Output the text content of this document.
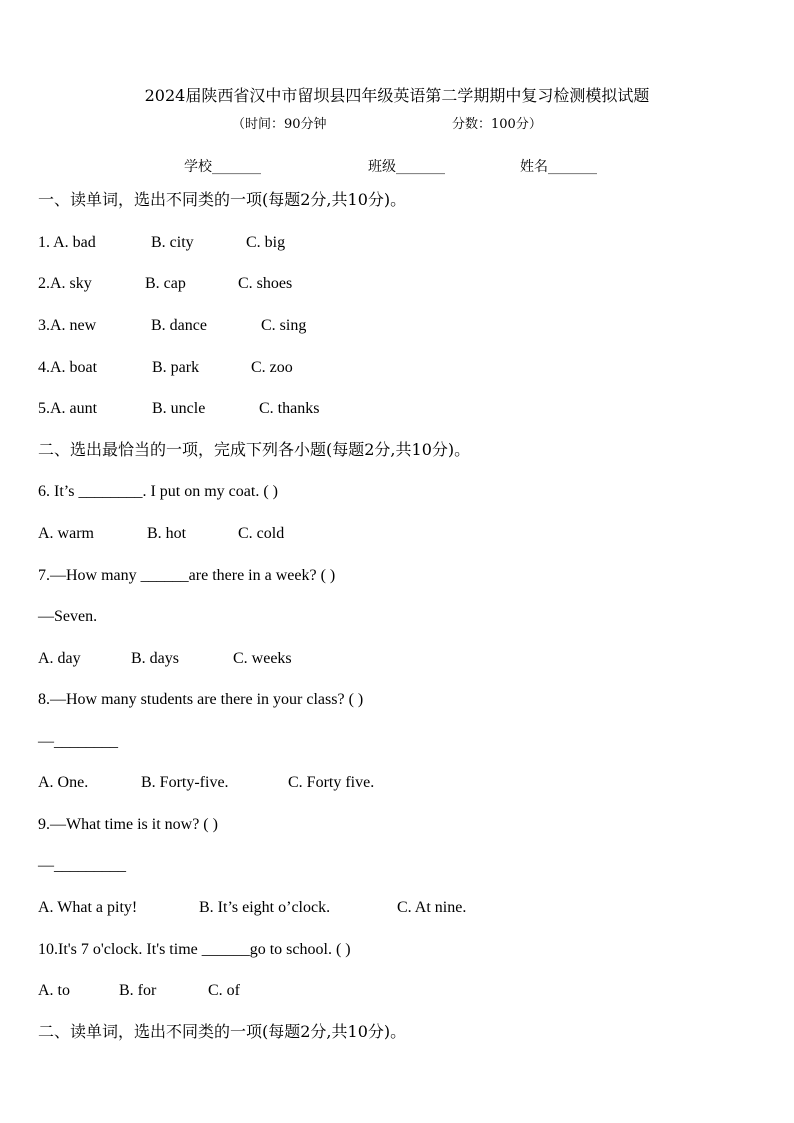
2024届陕西省汉中市留坝县四年级英语第二学期期中复习检测模拟试题
（时间：90分钟	分数：100分）
学校_______	班级_______	姓名_______
一、读单词，选出不同类的一项(每题2分,共10分)。
1. A. bad	B. city	C. big
2.A. sky	B. cap	C. shoes
3.A. new	B. dance	C. sing
4.A. boat	B. park	C. zoo
5.A. aunt	B. uncle	C. thanks
二、选出最恰当的一项，完成下列各小题(每题2分,共10分)。
6. It’s ________. I put on my coat. ( )
A. warm	B. hot	C. cold
7.—How many ______are there in a week? ( )
—Seven.
A. day	B. days	C. weeks
8.—How many students are there in your class? ( )
—________
A. One.	B. Forty-five.	C. Forty five.
9.—What time is it now? ( )
—_________
A. What a pity!	B. It’s eight o’clock.	C. At nine.
10.It's 7 o'clock. It's time ______go to school. ( )
A. to	B. for	C. of
二、读单词，选出不同类的一项(每题2分,共10分)。
